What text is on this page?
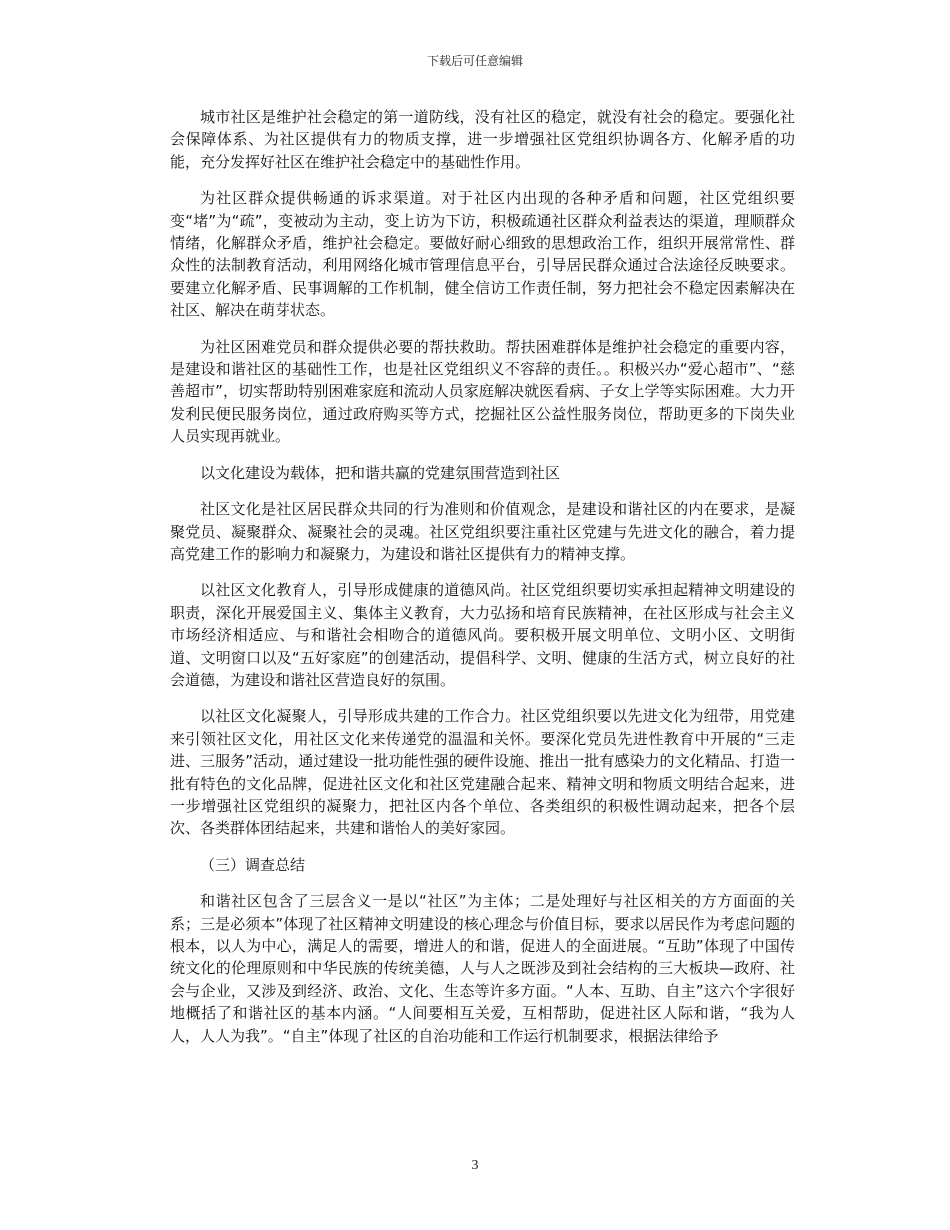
下载后可任意编辑

城市社区是维护社会稳定的第一道防线，没有社区的稳定，就没有社会的稳定。要强化社会保障体系、为社区提供有力的物质支撑，进一步增强社区党组织协调各方、化解矛盾的功能，充分发挥好社区在维护社会稳定中的基础性作用。

为社区群众提供畅通的诉求渠道。对于社区内出现的各种矛盾和问题，社区党组织要变“堵”为“疏”，变被动为主动，变上访为下访，积极疏通社区群众利益表达的渠道，理顺群众情绪，化解群众矛盾，维护社会稳定。要做好耐心细致的思想政治工作，组织开展常常性、群众性的法制教育活动，利用网络化城市管理信息平台，引导居民群众通过合法途径反映要求。要建立化解矛盾、民事调解的工作机制，健全信访工作责任制，努力把社会不稳定因素解决在社区、解决在萌芽状态。

为社区困难党员和群众提供必要的帮扶救助。帮扶困难群体是维护社会稳定的重要内容，是建设和谐社区的基础性工作，也是社区党组织义不容辞的责任。。积极兴办“爱心超市”、“慈善超市”，切实帮助特别困难家庭和流动人员家庭解决就医看病、子女上学等实际困难。大力开发利民便民服务岗位，通过政府购买等方式，挖掘社区公益性服务岗位，帮助更多的下岗失业人员实现再就业。

以文化建设为载体，把和谐共赢的党建氛围营造到社区

社区文化是社区居民群众共同的行为准则和价值观念，是建设和谐社区的内在要求，是凝聚党员、凝聚群众、凝聚社会的灵魂。社区党组织要注重社区党建与先进文化的融合，着力提高党建工作的影响力和凝聚力，为建设和谐社区提供有力的精神支撑。

以社区文化教育人，引导形成健康的道德风尚。社区党组织要切实承担起精神文明建设的职责，深化开展爱国主义、集体主义教育，大力弘扬和培育民族精神，在社区形成与社会主义市场经济相适应、与和谐社会相吻合的道德风尚。要积极开展文明单位、文明小区、文明街道、文明窗口以及“五好家庭”的创建活动，提倡科学、文明、健康的生活方式，树立良好的社会道德，为建设和谐社区营造良好的氛围。

以社区文化凝聚人，引导形成共建的工作合力。社区党组织要以先进文化为纽带，用党建来引领社区文化，用社区文化来传递党的温温和关怀。要深化党员先进性教育中开展的“三走进、三服务”活动，通过建设一批功能性强的硬件设施、推出一批有感染力的文化精品、打造一批有特色的文化品牌，促进社区文化和社区党建融合起来、精神文明和物质文明结合起来，进一步增强社区党组织的凝聚力，把社区内各个单位、各类组织的积极性调动起来，把各个层次、各类群体团结起来，共建和谐怡人的美好家园。

（三）调查总结

和谐社区包含了三层含义一是以“社区”为主体；二是处理好与社区相关的方方面面的关系；三是必须本”体现了社区精神文明建设的核心理念与价值目标，要求以居民作为考虑问题的根本，以人为中心，满足人的需要，增进人的和谐，促进人的全面进展。“互助”体现了中国传统文化的伦理原则和中华民族的传统美德，人与人之既涉及到社会结构的三大板块—政府、社会与企业，又涉及到经济、政治、文化、生态等许多方面。“人本、互助、自主”这六个字很好地概括了和谐社区的基本内涵。“人间要相互关爱，互相帮助，促进社区人际和谐，“我为人人，人人为我”。“自主”体现了社区的自治功能和工作运行机制要求，根据法律给予

3
